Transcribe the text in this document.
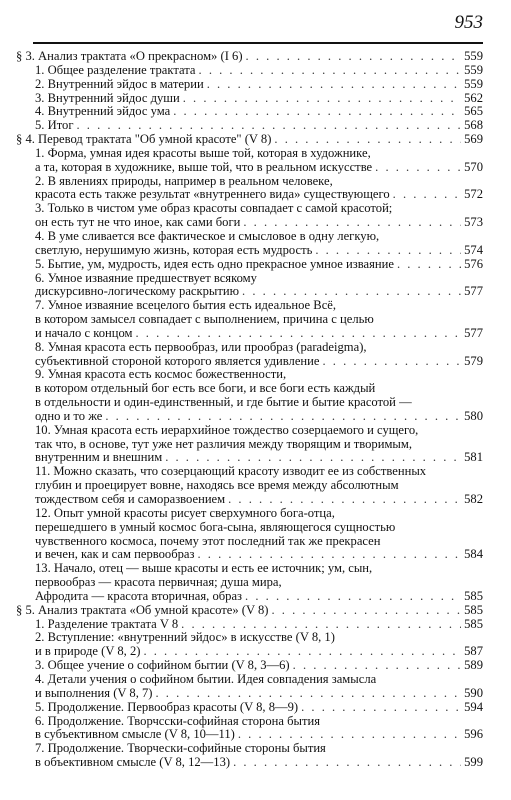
953
§ 3. Анализ трактата «О прекрасном» (I 6) . . .	559
1. Общее разделение трактата . . .	559
2. Внутренний эйдос в материи . . .	559
3. Внутренний эйдос души . . .	562
4. Внутренний эйдос ума . . .	565
5. Итог . . .	568
§ 4. Перевод трактата "Об умной красоте" (V 8) . . .	569
1. Форма, умная идея красоты выше той, которая в художнике,
а та, которая в художнике, выше той, что в реальном искусстве . . .	570
2. В явлениях природы, например в реальном человеке,
красота есть также результат «внутреннего вида» существующего . . .	572
3. Только в чистом уме образ красоты совпадает с самой красотой;
он есть тут не что иное, как сами боги . . .	573
4. В уме сливается все фактическое и смысловое в одну легкую,
светлую, нерушимую жизнь, которая есть мудрость . . .	574
5. Бытие, ум, мудрость, идея есть одно прекрасное умное изваяние . . .	576
6. Умное изваяние предшествует всякому
дискурсивно-логическому раскрытию . . .	577
7. Умное изваяние всецелого бытия есть идеальное Всё,
в котором замысел совпадает с выполнением, причина с целью
и начало с концом . . .	577
8. Умная красота есть первообраз, или прообраз (paradeigma),
субъективной стороной которого является удивление . . .	579
9. Умная красота есть космос божественности,
в котором отдельный бог есть все боги, и все боги есть каждый
в отдельности и один-единственный, и где бытие и бытие красотой —
одно и то же . . .	580
10. Умная красота есть иерархийное тождество созерцаемого и сущего,
так что, в основе, тут уже нет различия между творящим и творимым,
внутренним и внешним . . .	581
11. Можно сказать, что созерцающий красоту изводит ее из собственных
глубин и проецирует вовне, находясь все время между абсолютным
тождеством себя и саморазвоением . . .	582
12. Опыт умной красоты рисует сверхумного бога-отца,
перешедшего в умный космос бога-сына, являющегося сущностью
чувственного космоса, почему этот последний так же прекрасен
и вечен, как и сам первообраз . . .	584
13. Начало, отец — выше красоты и есть ее источник; ум, сын,
первообраз — красота первичная; душа мира,
Афродита — красота вторичная, образ . . .	585
§ 5. Анализ трактата «Об умной красоте» (V 8) . . .	585
1. Разделение трактата V 8 . . .	585
2. Вступление: «внутренний эйдос» в искусстве (V 8, 1)
и в природе (V 8, 2) . . .	587
3. Общее учение о софийном бытии (V 8, 3—6) . . .	589
4. Детали учения о софийном бытии. Идея совпадения замысла
и выполнения (V 8, 7) . . .	590
5. Продолжение. Первообраз красоты (V 8, 8—9) . . .	594
6. Продолжение. Творчсски-софийная сторона бытия
в субъективном смысле (V 8, 10—11) . . .	596
7. Продолжение. Творчески-софийные стороны бытия
в объективном смысле (V 8, 12—13) . . .	599
